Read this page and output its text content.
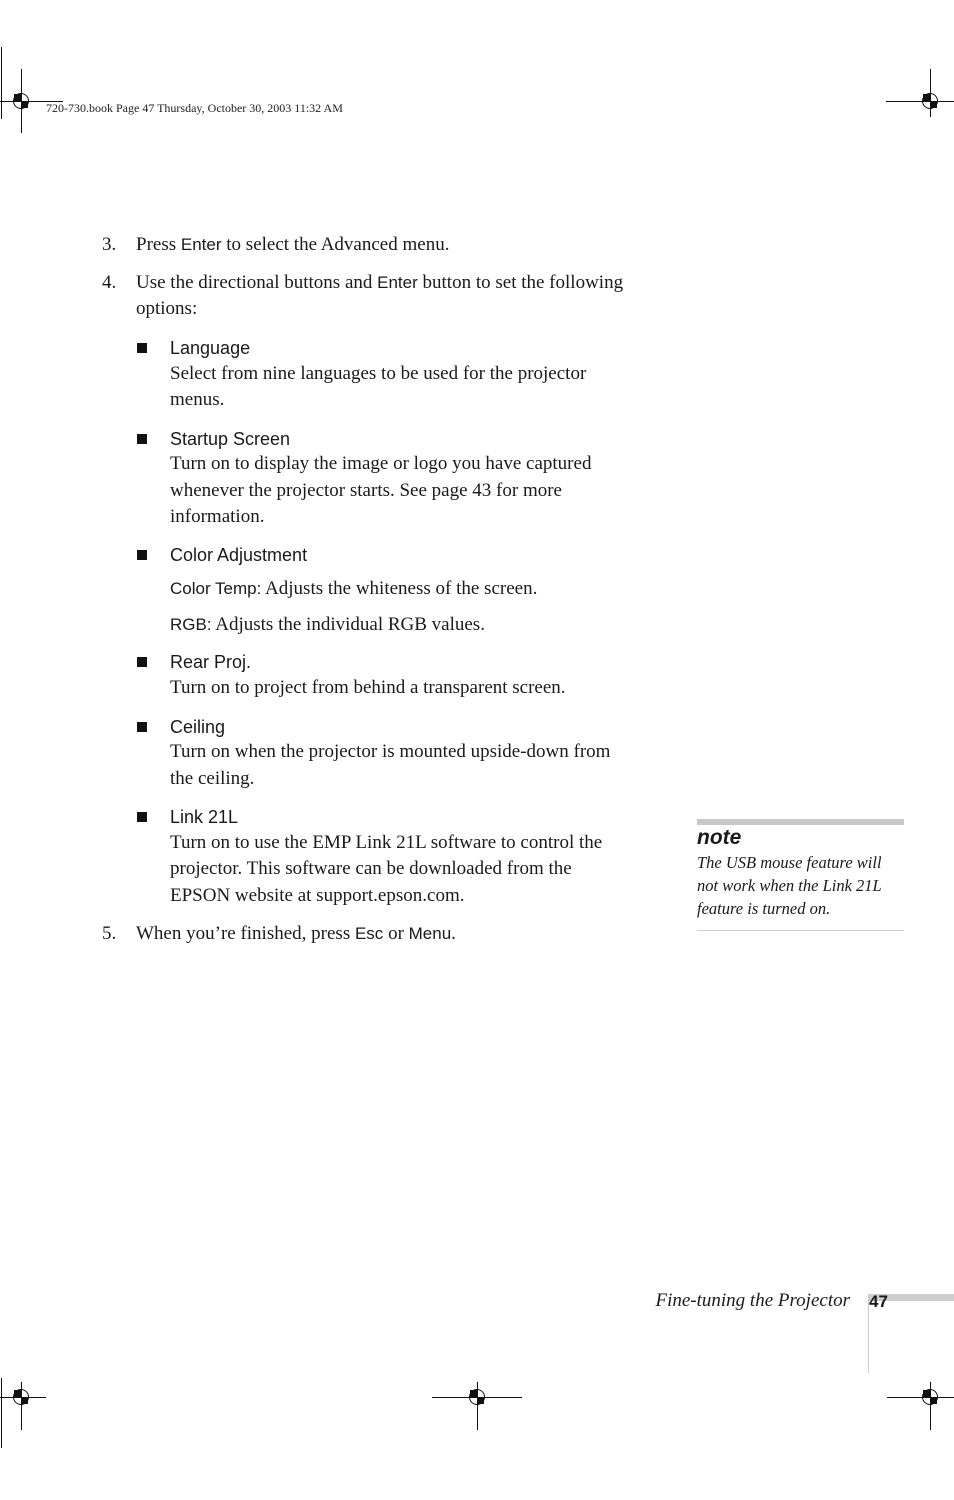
720-730.book Page 47 Thursday, October 30, 2003 11:32 AM
3. Press Enter to select the Advanced menu.
4. Use the directional buttons and Enter button to set the following
options:
Language
Select from nine languages to be used for the projector
menus.
Startup Screen
Turn on to display the image or logo you have captured
whenever the projector starts. See page 43 for more
information.
Color Adjustment
Color Temp: Adjusts the whiteness of the screen.
RGB: Adjusts the individual RGB values.
Rear Proj.
Turn on to project from behind a transparent screen.
Ceiling
Turn on when the projector is mounted upside-down from
the ceiling.
Link 21L
Turn on to use the EMP Link 21L software to control the
projector. This software can be downloaded from the
EPSON website at support.epson.com.
5. When you’re finished, press Esc or Menu.
note
The USB mouse feature will
not work when the Link 21L
feature is turned on.
Fine-tuning the Projector 47
